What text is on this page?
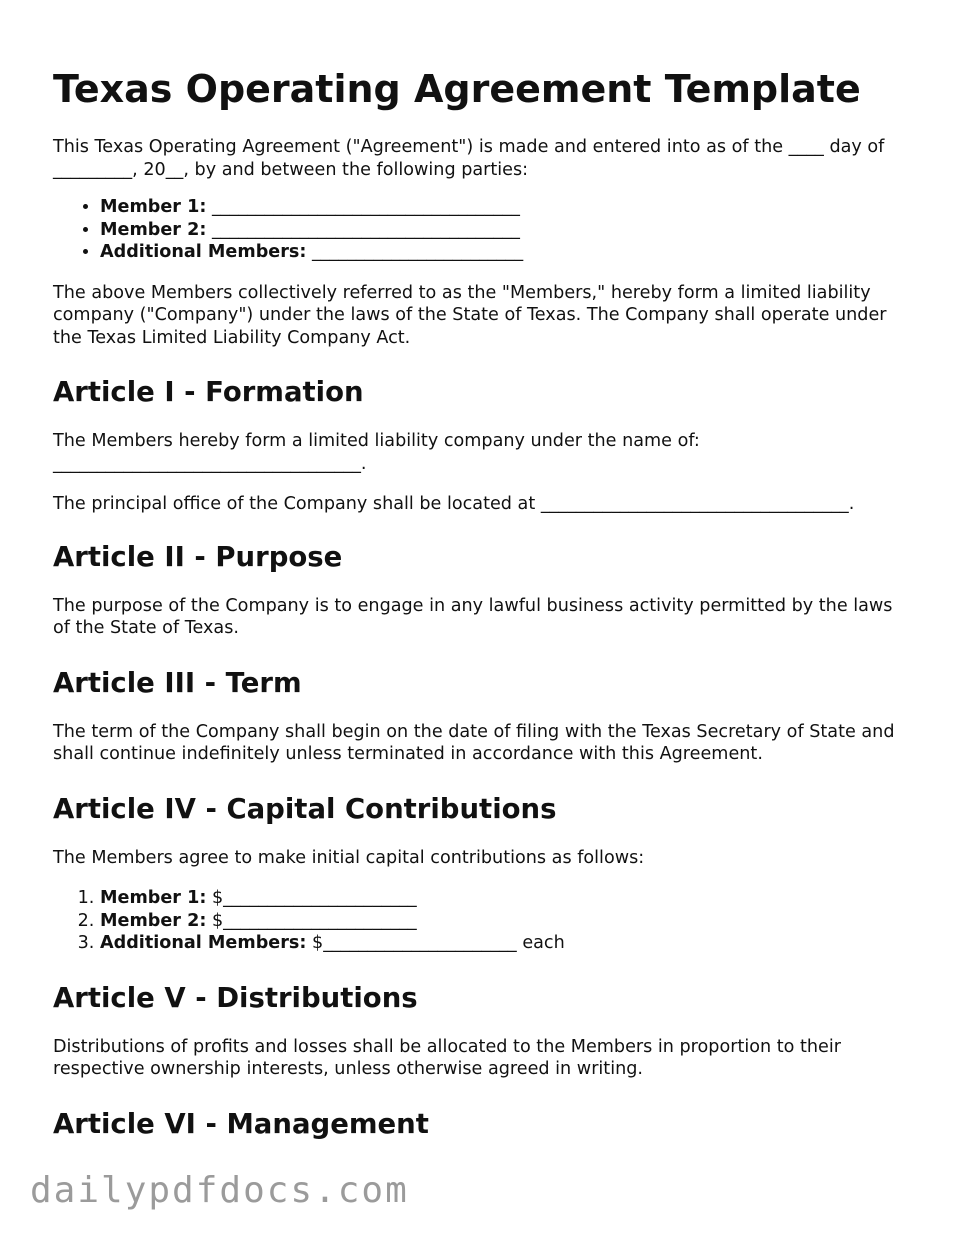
Texas Operating Agreement Template

This Texas Operating Agreement ("Agreement") is made and entered into as of the ____ day of _________, 20__, by and between the following parties:

• Member 1: ___________________________________
• Member 2: ___________________________________
• Additional Members: ________________________

The above Members collectively referred to as the "Members," hereby form a limited liability company ("Company") under the laws of the State of Texas. The Company shall operate under the Texas Limited Liability Company Act.

Article I - Formation

The Members hereby form a limited liability company under the name of: ___________________________________.

The principal office of the Company shall be located at ___________________________________.

Article II - Purpose

The purpose of the Company is to engage in any lawful business activity permitted by the laws of the State of Texas.

Article III - Term

The term of the Company shall begin on the date of filing with the Texas Secretary of State and shall continue indefinitely unless terminated in accordance with this Agreement.

Article IV - Capital Contributions

The Members agree to make initial capital contributions as follows:

1. Member 1: $______________________
2. Member 2: $______________________
3. Additional Members: $______________________ each
Article V - Distributions

Distributions of profits and losses shall be allocated to the Members in proportion to their respective ownership interests, unless otherwise agreed in writing.

Article VI - Management
dailypdfdocs.com
